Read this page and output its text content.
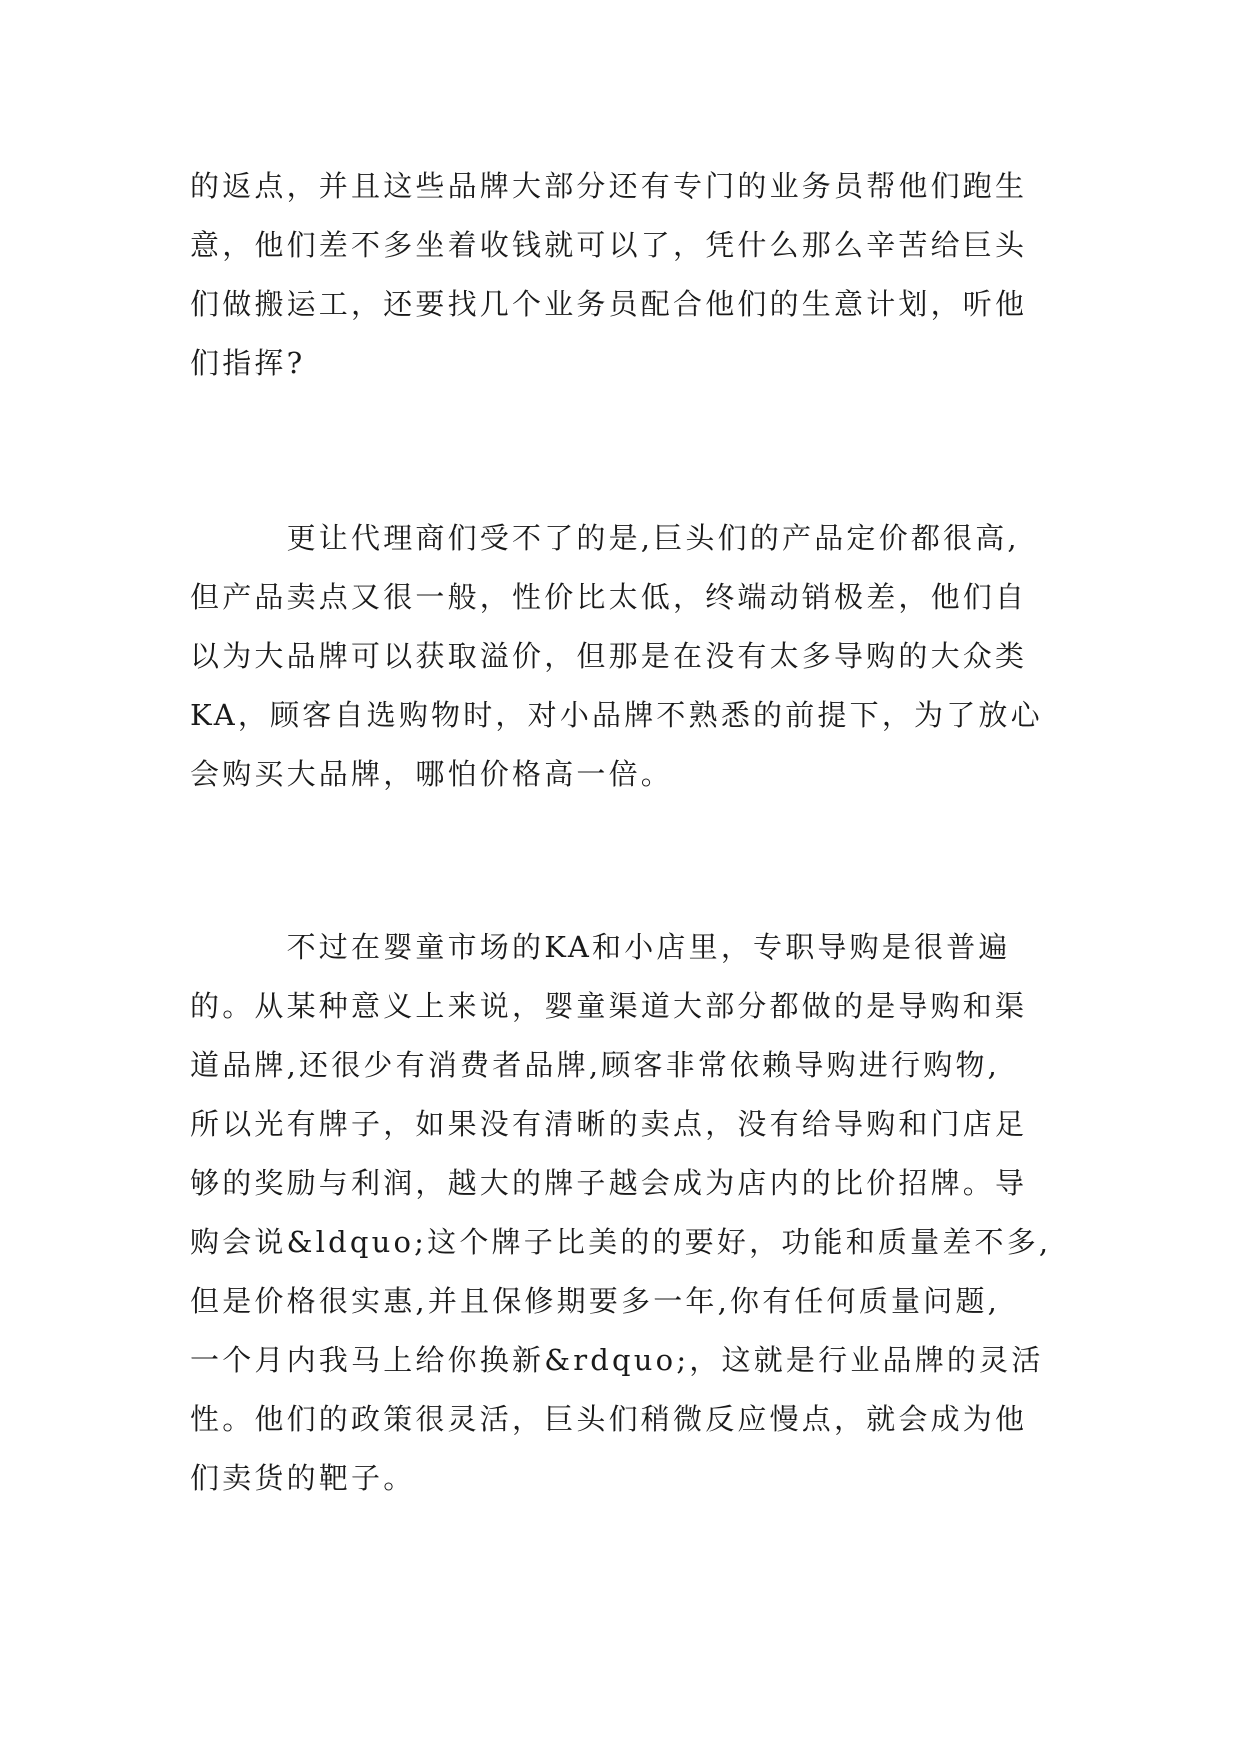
的返点，并且这些品牌大部分还有专门的业务员帮他们跑生
意，他们差不多坐着收钱就可以了，凭什么那么辛苦给巨头
们做搬运工，还要找几个业务员配合他们的生意计划，听他
们指挥?
　　　更让代理商们受不了的是,巨头们的产品定价都很高,
但产品卖点又很一般，性价比太低，终端动销极差，他们自
以为大品牌可以获取溢价，但那是在没有太多导购的大众类
KA，顾客自选购物时，对小品牌不熟悉的前提下，为了放心
会购买大品牌，哪怕价格高一倍。
　　　不过在婴童市场的KA和小店里，专职导购是很普遍
的。从某种意义上来说，婴童渠道大部分都做的是导购和渠
道品牌,还很少有消费者品牌,顾客非常依赖导购进行购物,
所以光有牌子，如果没有清晰的卖点，没有给导购和门店足
够的奖励与利润，越大的牌子越会成为店内的比价招牌。导
购会说&ldquo;这个牌子比美的的要好，功能和质量差不多,
但是价格很实惠,并且保修期要多一年,你有任何质量问题,
一个月内我马上给你换新&rdquo;，这就是行业品牌的灵活
性。他们的政策很灵活，巨头们稍微反应慢点，就会成为他
们卖货的靶子。
